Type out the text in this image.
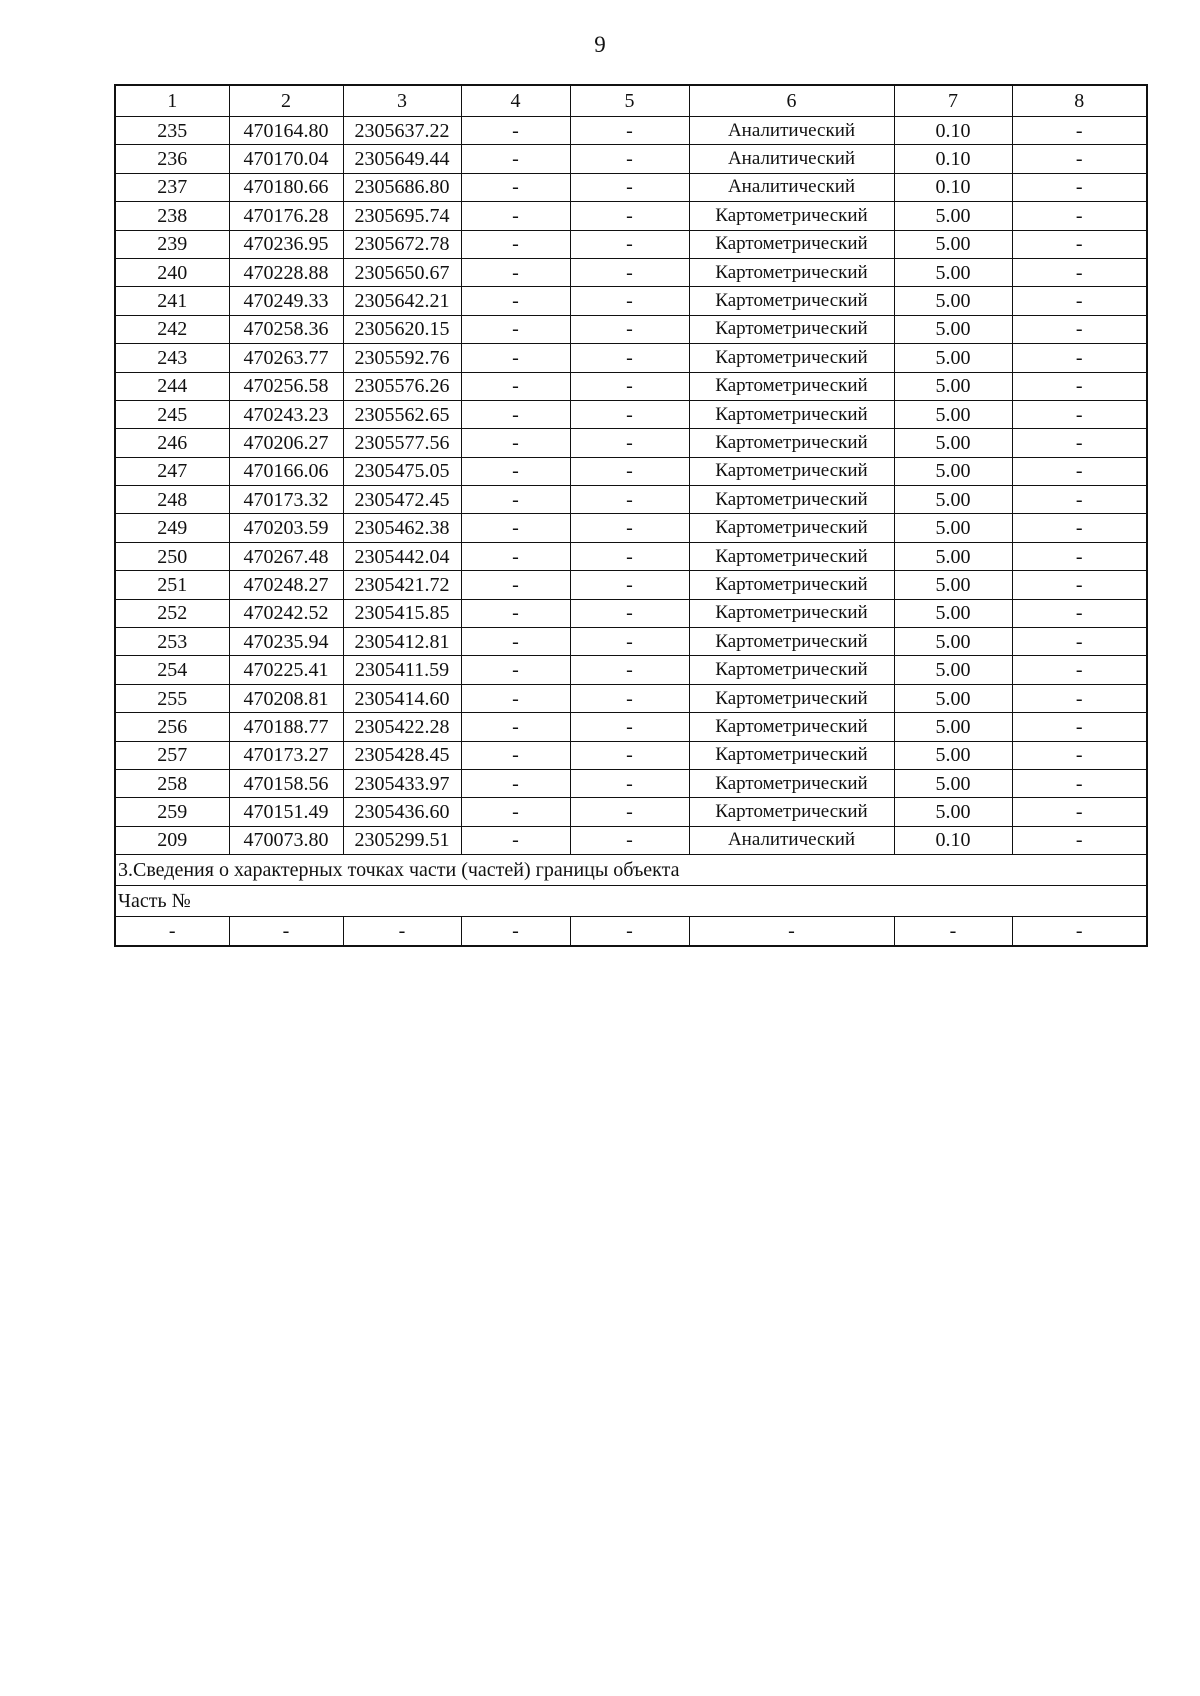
9
1	2	3	4	5	6	7	8
235	470164.80	2305637.22	-	-	Аналитический	0.10	-
236	470170.04	2305649.44	-	-	Аналитический	0.10	-
237	470180.66	2305686.80	-	-	Аналитический	0.10	-
238	470176.28	2305695.74	-	-	Картометрический	5.00	-
239	470236.95	2305672.78	-	-	Картометрический	5.00	-
240	470228.88	2305650.67	-	-	Картометрический	5.00	-
241	470249.33	2305642.21	-	-	Картометрический	5.00	-
242	470258.36	2305620.15	-	-	Картометрический	5.00	-
243	470263.77	2305592.76	-	-	Картометрический	5.00	-
244	470256.58	2305576.26	-	-	Картометрический	5.00	-
245	470243.23	2305562.65	-	-	Картометрический	5.00	-
246	470206.27	2305577.56	-	-	Картометрический	5.00	-
247	470166.06	2305475.05	-	-	Картометрический	5.00	-
248	470173.32	2305472.45	-	-	Картометрический	5.00	-
249	470203.59	2305462.38	-	-	Картометрический	5.00	-
250	470267.48	2305442.04	-	-	Картометрический	5.00	-
251	470248.27	2305421.72	-	-	Картометрический	5.00	-
252	470242.52	2305415.85	-	-	Картометрический	5.00	-
253	470235.94	2305412.81	-	-	Картометрический	5.00	-
254	470225.41	2305411.59	-	-	Картометрический	5.00	-
255	470208.81	2305414.60	-	-	Картометрический	5.00	-
256	470188.77	2305422.28	-	-	Картометрический	5.00	-
257	470173.27	2305428.45	-	-	Картометрический	5.00	-
258	470158.56	2305433.97	-	-	Картометрический	5.00	-
259	470151.49	2305436.60	-	-	Картометрический	5.00	-
209	470073.80	2305299.51	-	-	Аналитический	0.10	-
3.Сведения о характерных точках части (частей) границы объекта							
Часть №							
-	-	-	-	-	-	-	-
